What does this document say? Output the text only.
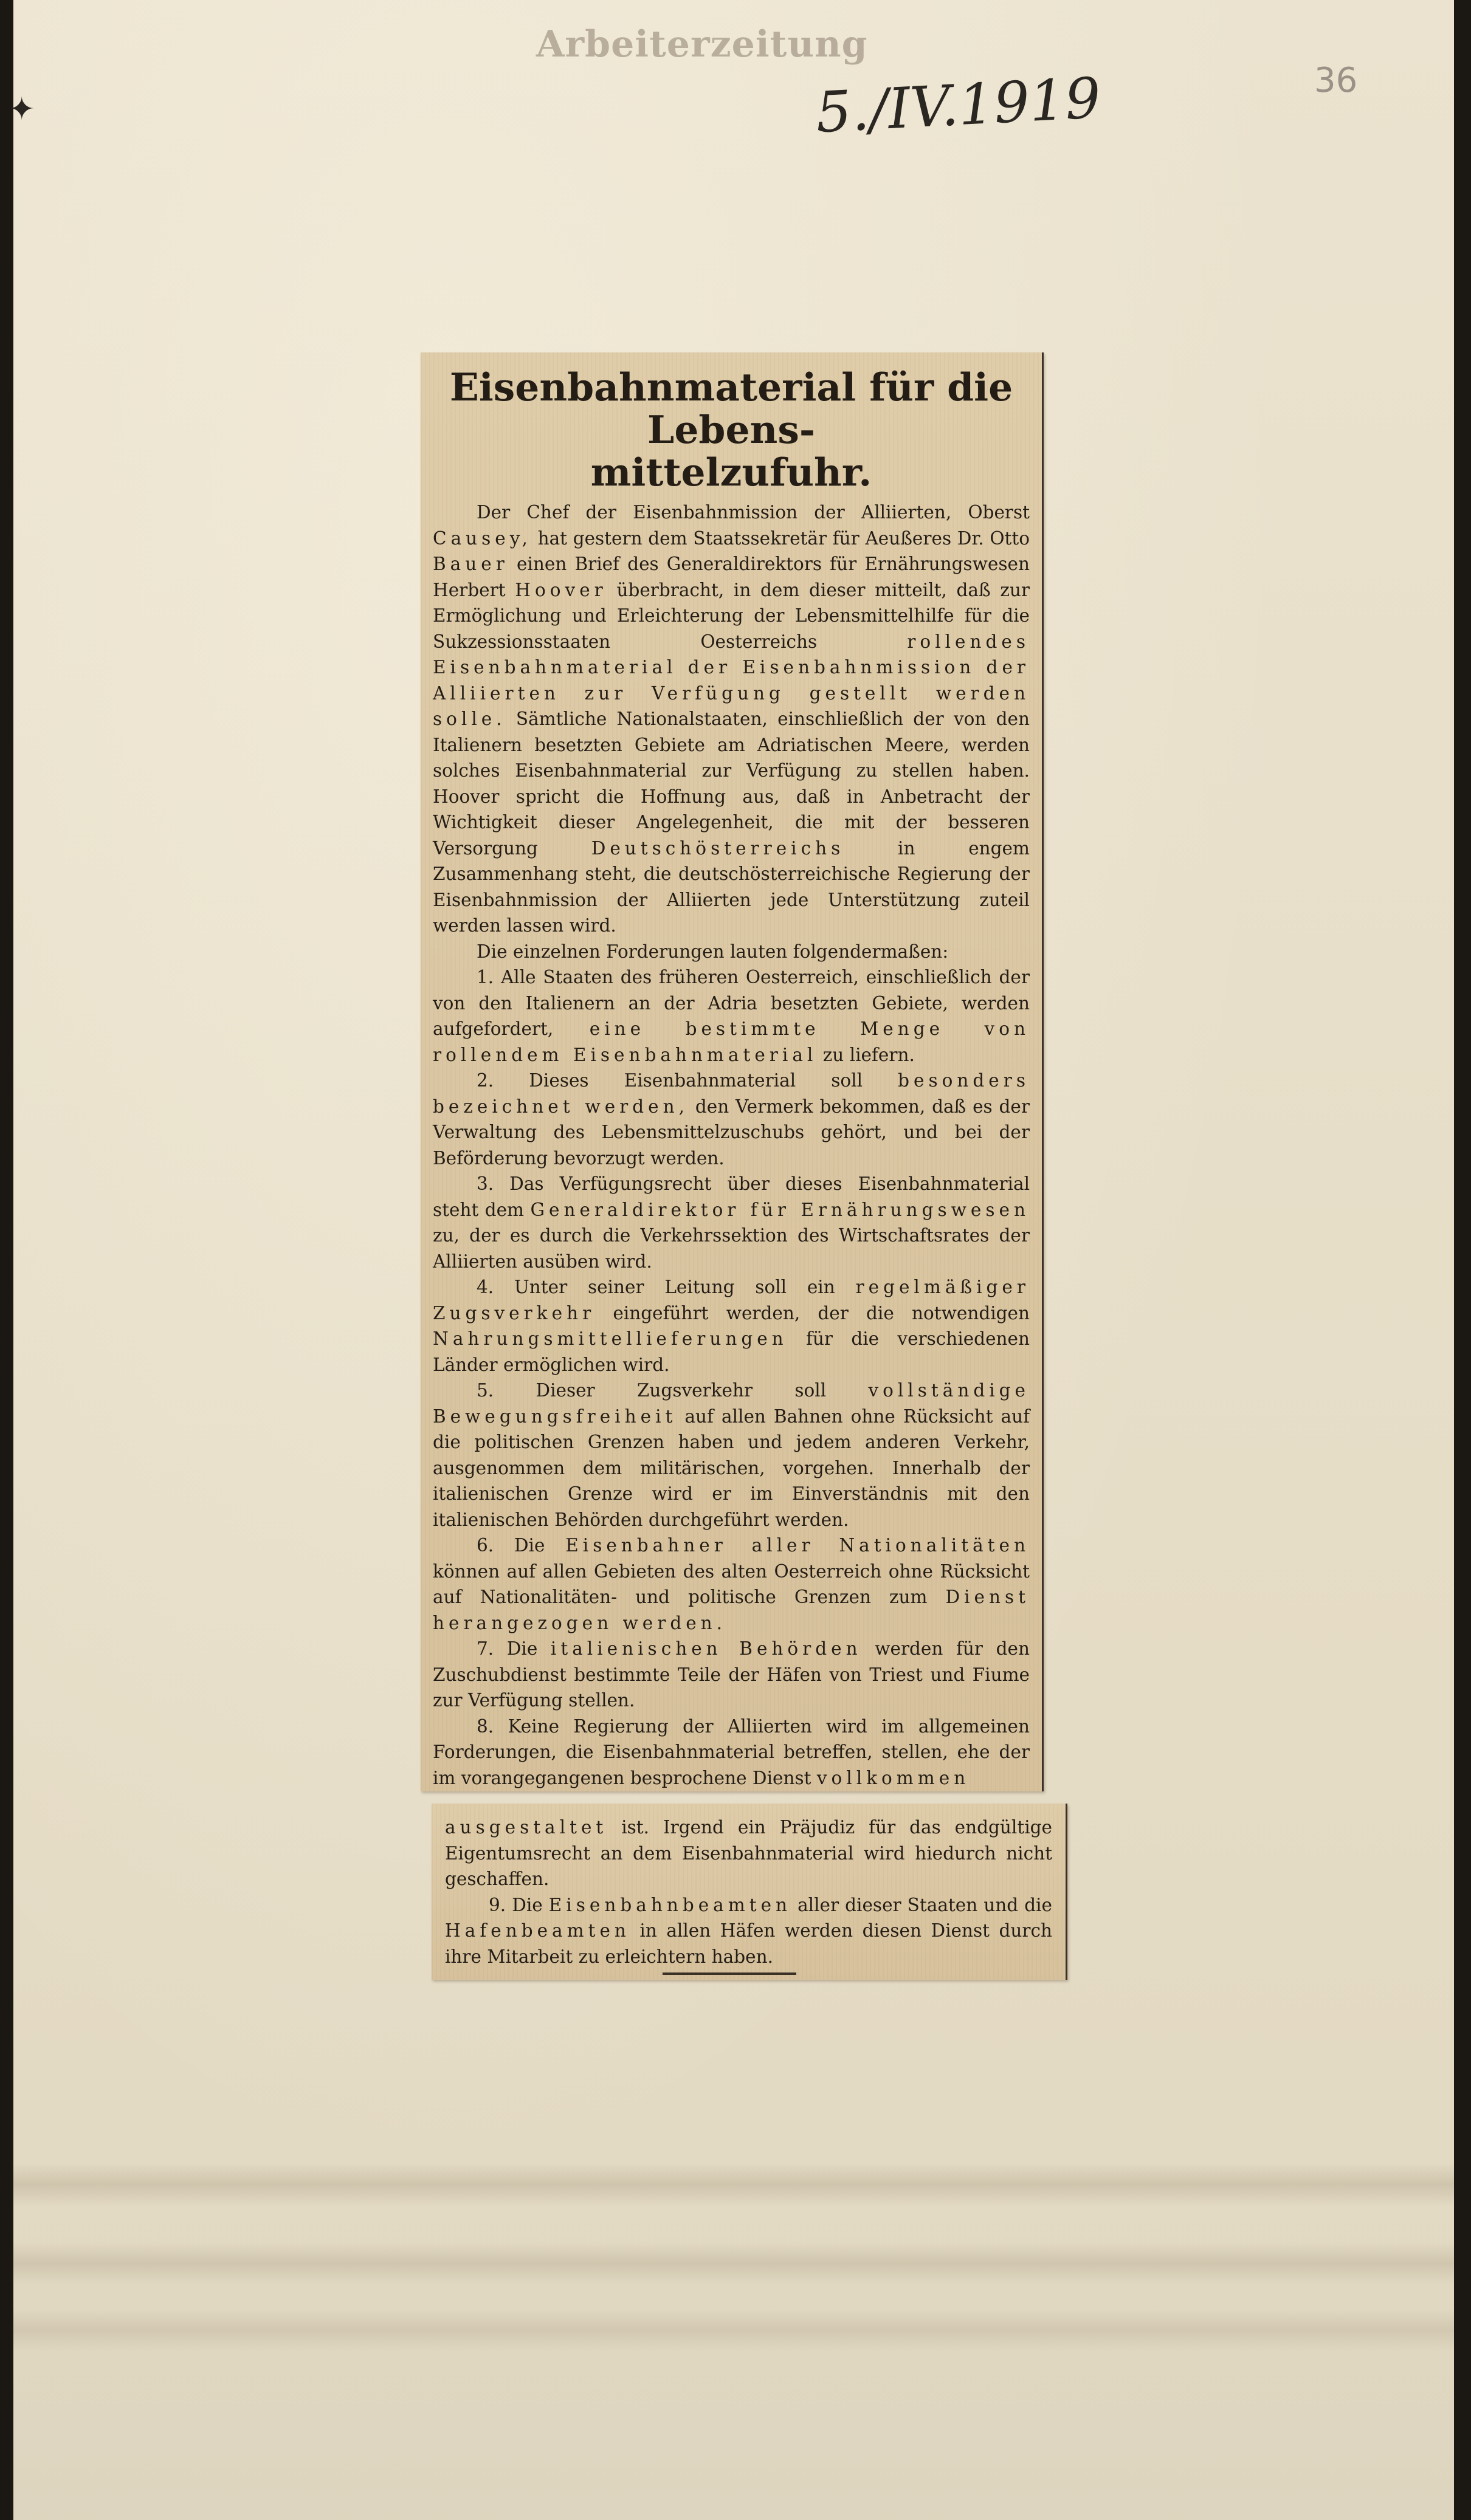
Arbeiterzeitung
5./IV.1919	36
✦
Eisenbahnmaterial für die Lebens-
mittelzufuhr.

Der Chef der Eisenbahnmission der Alliierten, Oberst Causey, hat gestern dem Staatssekretär für Aeußeres Dr. Otto Bauer einen Brief des Generaldirektors für Ernährungswesen Herbert Hoover überbracht, in dem dieser mitteilt, daß zur Ermöglichung und Erleichterung der Lebensmittelhilfe für die Sukzessionsstaaten Oesterreichs	rollendes Eisenbahnmaterial der Eisenbahnmission der Alliierten zur Verfügung gestellt werden solle. Sämtliche Nationalstaaten, einschließlich der von den Italienern besetzten Gebiete am Adriatischen Meere, werden solches Eisenbahnmaterial zur Verfügung zu stellen haben. Hoover spricht die Hoffnung aus, daß in Anbetracht der Wichtigkeit dieser Angelegenheit, die mit der besseren Versorgung	Deutschösterreichs	in engem Zusammenhang steht, die deutschösterreichische Regierung der Eisenbahnmission der Alliierten jede Unterstützung zuteil werden lassen wird.

Die einzelnen Forderungen lauten folgendermaßen:

1. Alle Staaten des früheren Oesterreich, einschließlich der von den Italienern an der Adria besetzten Gebiete, werden aufgefordert, eine bestimmte Menge von rollendem Eisenbahnmaterial zu liefern.

2. Dieses Eisenbahnmaterial soll besonders bezeichnet werden, den Vermerk bekommen, daß es der Verwaltung des Lebensmittelzuschubs gehört, und bei der Beförderung bevorzugt werden.

3. Das Verfügungsrecht über dieses Eisenbahnmaterial steht dem Generaldirektor für Ernährungswesen zu, der es durch die Verkehrssektion des Wirtschaftsrates der Alliierten ausüben wird.

4. Unter seiner Leitung soll ein regelmäßiger Zugsverkehr eingeführt werden, der die notwendigen Nahrungsmittellieferungen für die verschiedenen Länder ermöglichen wird.

5. Dieser Zugsverkehr soll vollständige Bewegungsfreiheit auf allen Bahnen ohne Rücksicht auf die politischen Grenzen haben und jedem anderen Verkehr, ausgenommen dem militärischen, vorgehen. Innerhalb der italienischen Grenze wird er im Einverständnis mit den italienischen Behörden durchgeführt werden.

6. Die Eisenbahner aller Nationalitäten können auf allen Gebieten des alten Oesterreich ohne Rücksicht auf Nationalitäten- und politische Grenzen zum Dienst herangezogen werden.

7. Die italienischen Behörden werden für den Zuschubdienst bestimmte Teile der Häfen von Triest und Fiume zur Verfügung stellen.

8. Keine Regierung der Alliierten wird im allgemeinen Forderungen, die Eisenbahnmaterial betreffen, stellen, ehe der im vorangegangenen besprochene Dienst vollkommen

ausgestaltet ist. Irgend ein Präjudiz für das endgültige Eigentumsrecht an dem Eisenbahnmaterial wird hiedurch nicht geschaffen.

9. Die Eisenbahnbeamten aller dieser Staaten und die Hafenbeamten in allen Häfen werden diesen Dienst durch ihre Mitarbeit zu erleichtern haben.
